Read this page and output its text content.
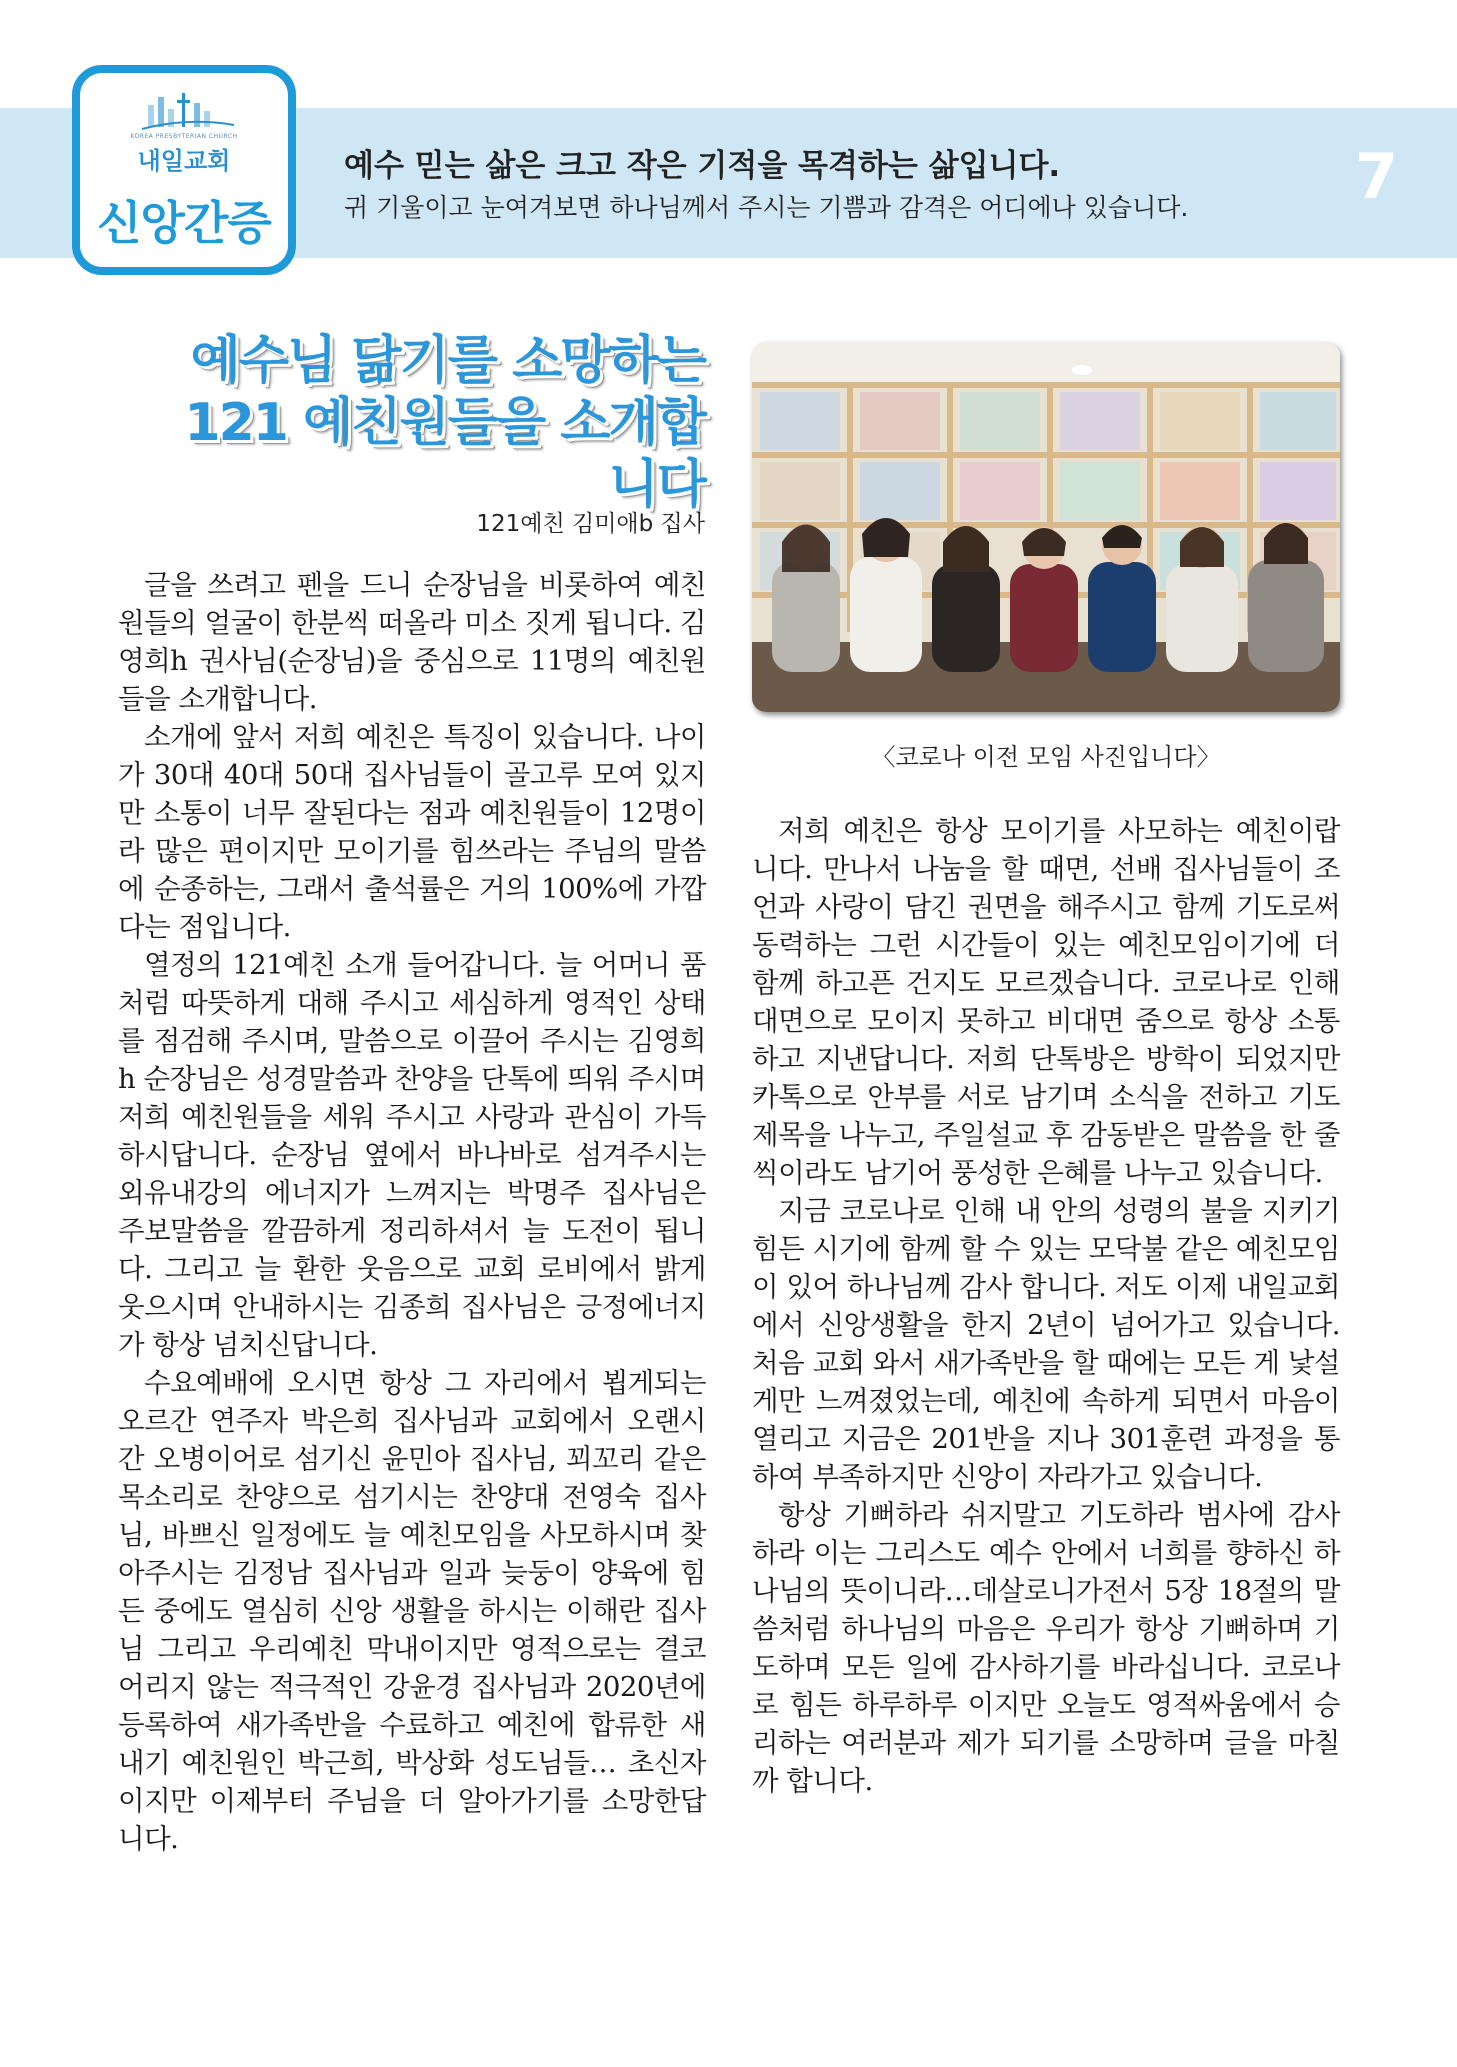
KOREA PRESBYTERIAN CHURCH
내일교회
신앙간증
예수 믿는 삶은 크고 작은 기적을 목격하는 삶입니다.
귀 기울이고 눈여겨보면 하나님께서 주시는 기쁨과 감격은 어디에나 있습니다.	7
예수님 닮기를 소망하는
121 예친원들을 소개합니다
121예친 김미애b 집사

글을 쓰려고 펜을 드니 순장님을 비롯하여 예친원들의 얼굴이 한분씩 떠올라 미소 짓게 됩니다. 김영희h 권사님(순장님)을 중심으로 11명의 예친원들을 소개합니다.

소개에 앞서 저희 예친은 특징이 있습니다. 나이가 30대 40대 50대 집사님들이 골고루 모여 있지만 소통이 너무 잘된다는 점과 예친원들이 12명이라 많은 편이지만 모이기를 힘쓰라는 주님의 말씀에 순종하는, 그래서 출석률은 거의 100%에 가깝다는 점입니다.

열정의 121예친 소개 들어갑니다. 늘 어머니 품처럼 따뜻하게 대해 주시고 세심하게 영적인 상태를 점검해 주시며, 말씀으로 이끌어 주시는 김영희h 순장님은 성경말씀과 찬양을 단톡에 띄워 주시며 저희 예친원들을 세워 주시고 사랑과 관심이 가득하시답니다. 순장님 옆에서 바나바로 섬겨주시는 외유내강의 에너지가 느껴지는 박명주 집사님은 주보말씀을 깔끔하게 정리하셔서 늘 도전이 됩니다. 그리고 늘 환한 웃음으로 교회 로비에서 밝게 웃으시며 안내하시는 김종희 집사님은 긍정에너지가 항상 넘치신답니다.

수요예배에 오시면 항상 그 자리에서 뵙게되는 오르간 연주자 박은희 집사님과 교회에서 오랜시간 오병이어로 섬기신 윤민아 집사님, 꾀꼬리 같은 목소리로 찬양으로 섬기시는 찬양대 전영숙 집사님, 바쁘신 일정에도 늘 예친모임을 사모하시며 찾아주시는 김정남 집사님과 일과 늦둥이 양육에 힘든 중에도 열심히 신앙 생활을 하시는 이해란 집사님 그리고 우리예친 막내이지만 영적으로는 결코 어리지 않는 적극적인 강윤경 집사님과 2020년에 등록하여 새가족반을 수료하고 예친에 합류한 새내기 예친원인 박근희, 박상화 성도님들… 초신자 이지만 이제부터 주님을 더 알아가기를 소망한답니다.

〈코로나 이전 모임 사진입니다〉

저희 예친은 항상 모이기를 사모하는 예친이랍니다. 만나서 나눔을 할 때면, 선배 집사님들이 조언과 사랑이 담긴 권면을 해주시고 함께 기도로써 동력하는 그런 시간들이 있는 예친모임이기에 더 함께 하고픈 건지도 모르겠습니다. 코로나로 인해 대면으로 모이지 못하고 비대면 줌으로 항상 소통하고 지낸답니다. 저희 단톡방은 방학이 되었지만 카톡으로 안부를 서로 남기며 소식을 전하고 기도제목을 나누고, 주일설교 후 감동받은 말씀을 한 줄씩이라도 남기어 풍성한 은혜를 나누고 있습니다.

지금 코로나로 인해 내 안의 성령의 불을 지키기 힘든 시기에 함께 할 수 있는 모닥불 같은 예친모임이 있어 하나님께 감사 합니다. 저도 이제 내일교회에서 신앙생활을 한지 2년이 넘어가고 있습니다. 처음 교회 와서 새가족반을 할 때에는 모든 게 낯설게만 느껴졌었는데, 예친에 속하게 되면서 마음이 열리고 지금은 201반을 지나 301훈련 과정을 통하여 부족하지만 신앙이 자라가고 있습니다.

항상 기뻐하라 쉬지말고 기도하라 범사에 감사하라 이는 그리스도 예수 안에서 너희를 향하신 하나님의 뜻이니라…데살로니가전서 5장 18절의 말씀처럼 하나님의 마음은 우리가 항상 기뻐하며 기도하며 모든 일에 감사하기를 바라십니다. 코로나로 힘든 하루하루 이지만 오늘도 영적싸움에서 승리하는 여러분과 제가 되기를 소망하며 글을 마칠까 합니다.
